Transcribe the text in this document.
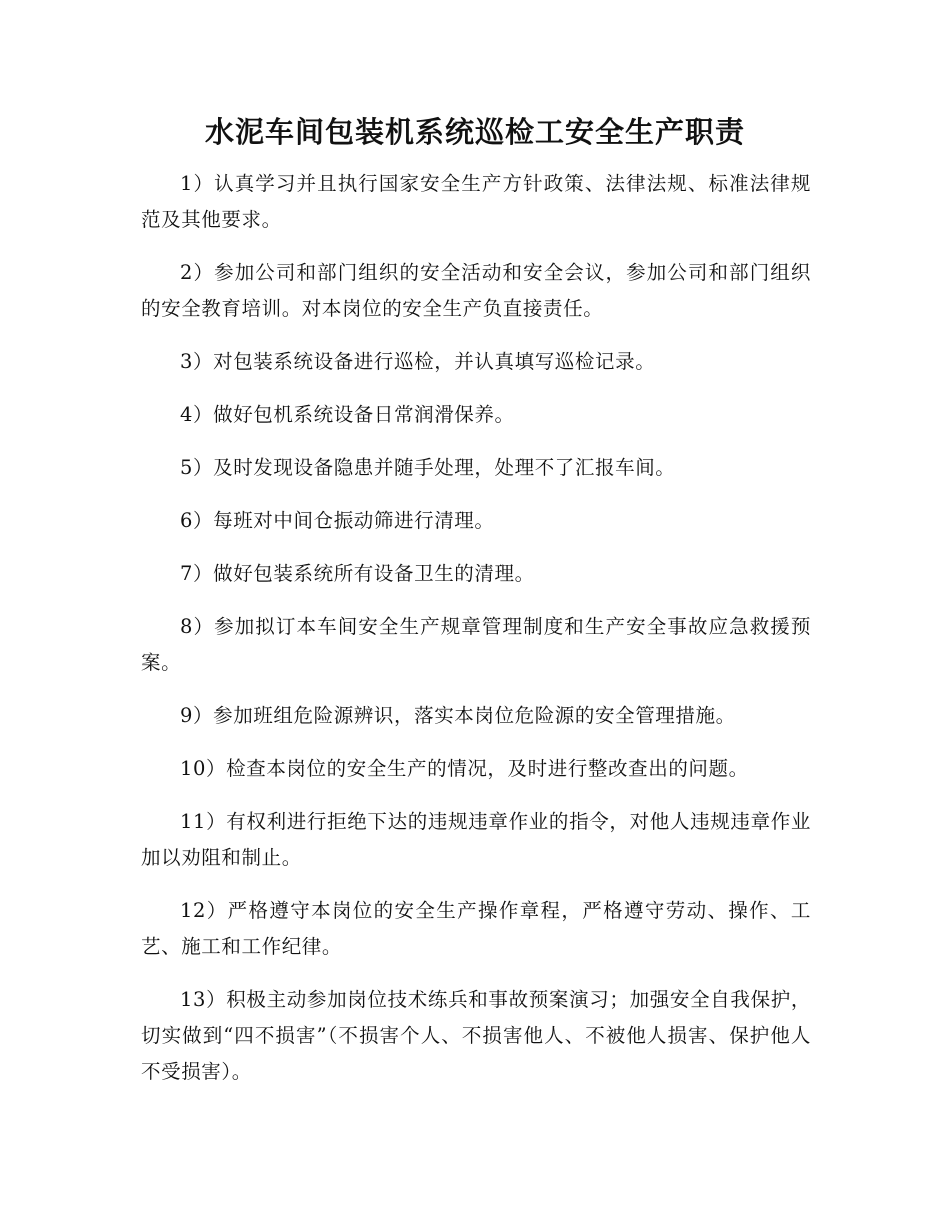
水泥车间包装机系统巡检工安全生产职责

1）认真学习并且执行国家安全生产方针政策、法律法规、标准法律规范及其他要求。

2）参加公司和部门组织的安全活动和安全会议，参加公司和部门组织的安全教育培训。对本岗位的安全生产负直接责任。

3）对包装系统设备进行巡检，并认真填写巡检记录。

4）做好包机系统设备日常润滑保养。

5）及时发现设备隐患并随手处理，处理不了汇报车间。

6）每班对中间仓振动筛进行清理。

7）做好包装系统所有设备卫生的清理。

8）参加拟订本车间安全生产规章管理制度和生产安全事故应急救援预案。

9）参加班组危险源辨识，落实本岗位危险源的安全管理措施。

10）检查本岗位的安全生产的情况，及时进行整改查出的问题。

11）有权利进行拒绝下达的违规违章作业的指令，对他人违规违章作业加以劝阻和制止。

12）严格遵守本岗位的安全生产操作章程，严格遵守劳动、操作、工艺、施工和工作纪律。

13）积极主动参加岗位技术练兵和事故预案演习；加强安全自我保护，切实做到“四不损害”（不损害个人、不损害他人、不被他人损害、保护他人不受损害）。
